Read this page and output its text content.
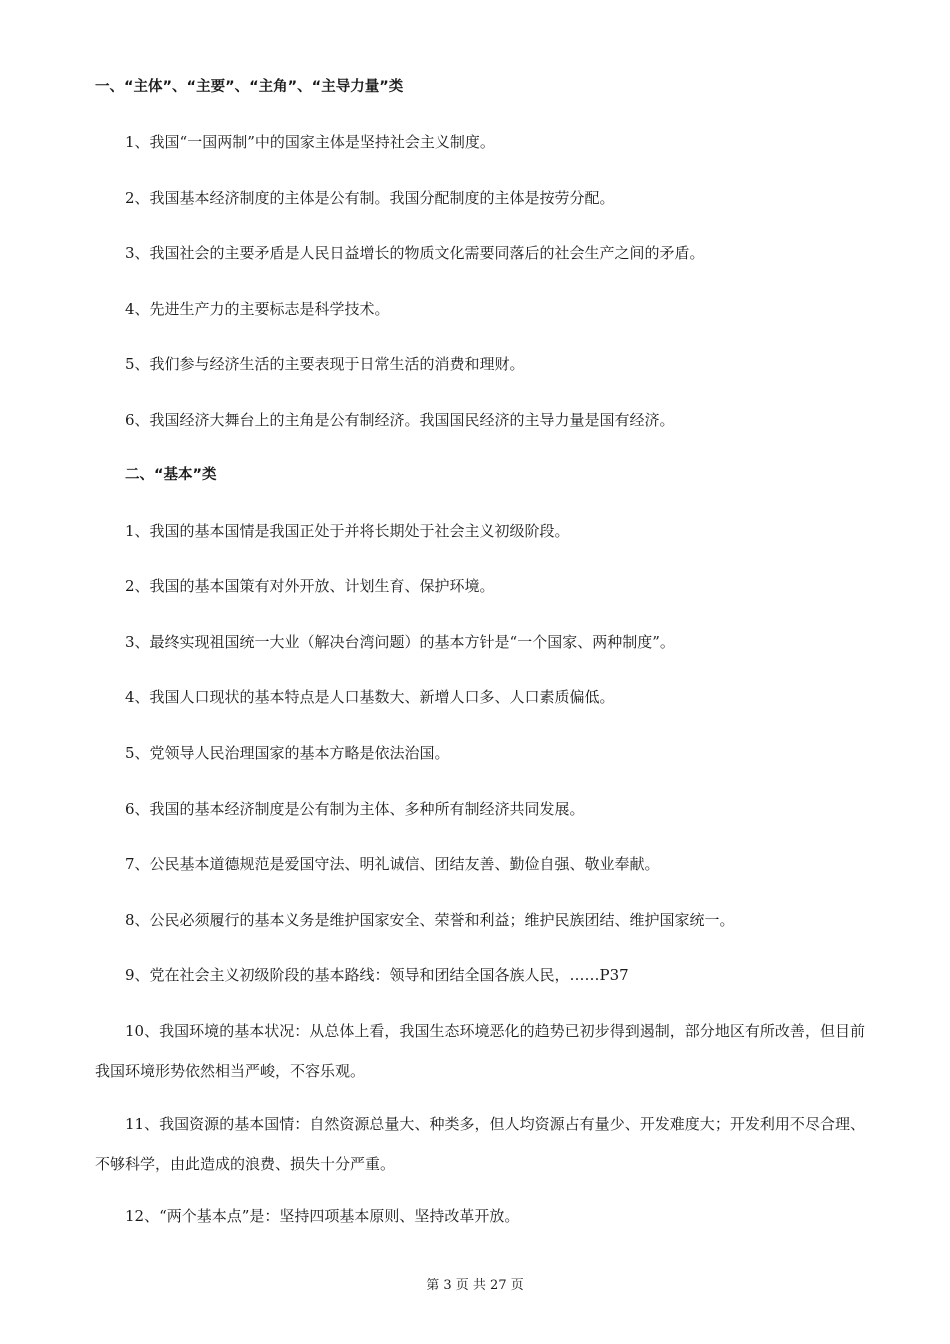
一、“主体”、“主要”、“主角”、“主导力量”类
1、我国“一国两制”中的国家主体是坚持社会主义制度。
2、我国基本经济制度的主体是公有制。我国分配制度的主体是按劳分配。
3、我国社会的主要矛盾是人民日益增长的物质文化需要同落后的社会生产之间的矛盾。
4、先进生产力的主要标志是科学技术。
5、我们参与经济生活的主要表现于日常生活的消费和理财。
6、我国经济大舞台上的主角是公有制经济。我国国民经济的主导力量是国有经济。
二、“基本”类
1、我国的基本国情是我国正处于并将长期处于社会主义初级阶段。
2、我国的基本国策有对外开放、计划生育、保护环境。
3、最终实现祖国统一大业（解决台湾问题）的基本方针是“一个国家、两种制度”。
4、我国人口现状的基本特点是人口基数大、新增人口多、人口素质偏低。
5、党领导人民治理国家的基本方略是依法治国。
6、我国的基本经济制度是公有制为主体、多种所有制经济共同发展。
7、公民基本道德规范是爱国守法、明礼诚信、团结友善、勤俭自强、敬业奉献。
8、公民必须履行的基本义务是维护国家安全、荣誉和利益；维护民族团结、维护国家统一。
9、党在社会主义初级阶段的基本路线：领导和团结全国各族人民，……P37
10、我国环境的基本状况：从总体上看，我国生态环境恶化的趋势已初步得到遏制，部分地区有所改善，但目前我国环境形势依然相当严峻，不容乐观。
11、我国资源的基本国情：自然资源总量大、种类多，但人均资源占有量少、开发难度大；开发利用不尽合理、不够科学，由此造成的浪费、损失十分严重。
12、“两个基本点”是：坚持四项基本原则、坚持改革开放。
第 3 页 共 27 页
